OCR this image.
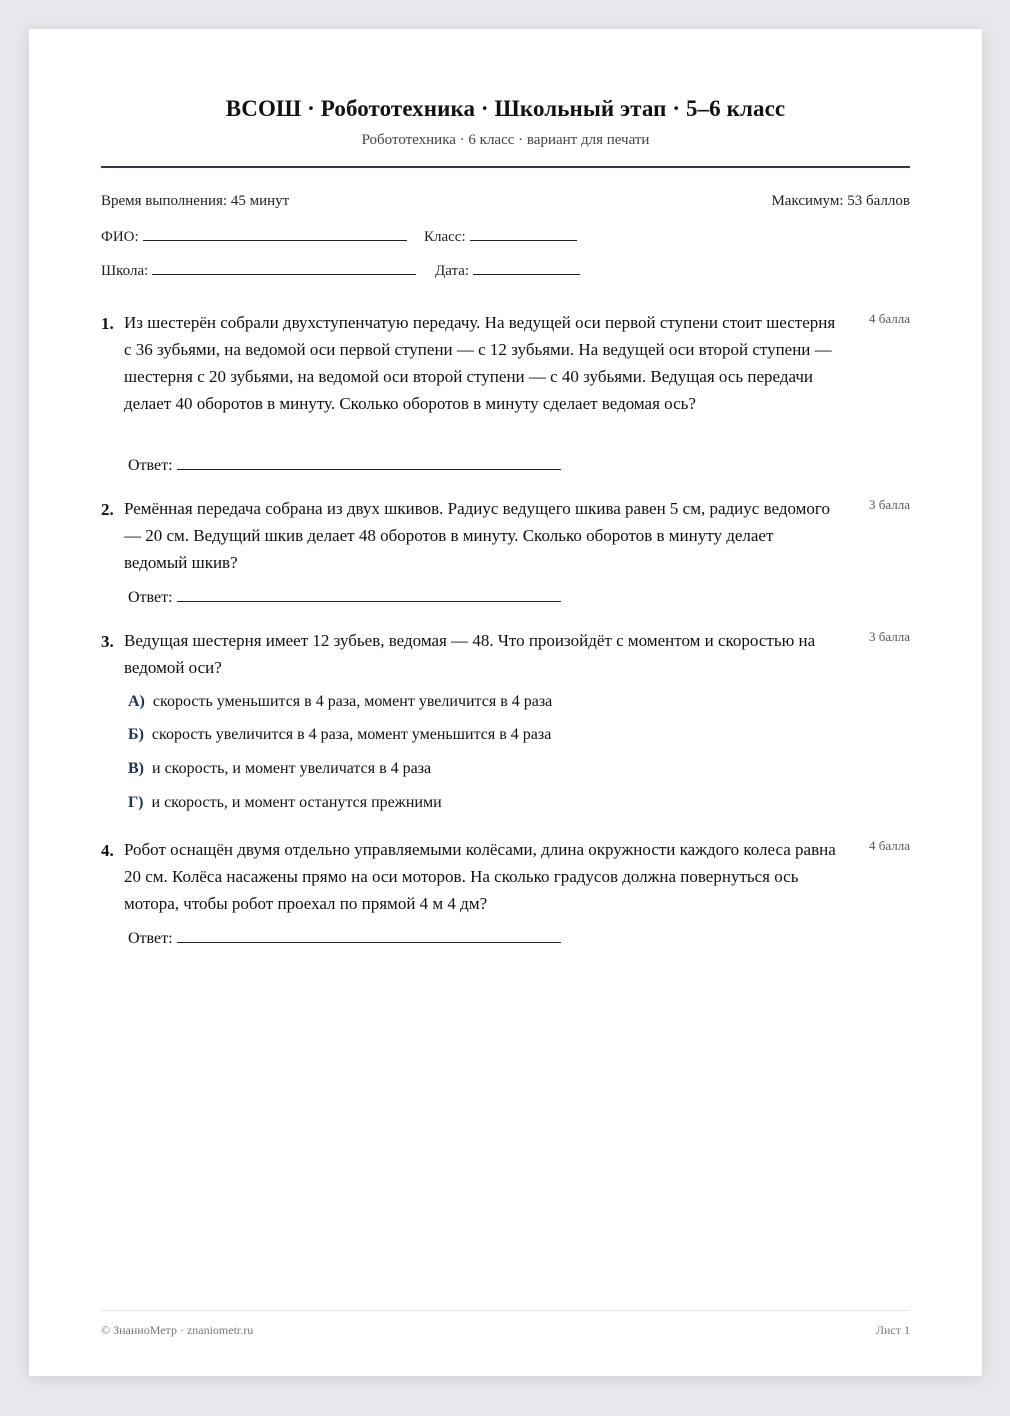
ВСОШ · Робототехника · Школьный этап · 5–6 класс
Робототехника · 6 класс · вариант для печати
Время выполнения: 45 минут	Максимум: 53 баллов
ФИО:	Класс:
Школа:	Дата:
1. Из шестерён собрали двухступенчатую передачу. На ведущей оси первой ступени стоит шестерня с 36 зубьями, на ведомой оси первой ступени — с 12 зубьями. На ведущей оси второй ступени — шестерня с 20 зубьями, на ведомой оси второй ступени — с 40 зубьями. Ведущая ось передачи делает 40 оборотов в минуту. Сколько оборотов в минуту сделает ведомая ось?
4 балла
Ответ:
2. Ремённая передача собрана из двух шкивов. Радиус ведущего шкива равен 5 см, радиус ведомого — 20 см. Ведущий шкив делает 48 оборотов в минуту. Сколько оборотов в минуту делает ведомый шкив?
3 балла
Ответ:
3. Ведущая шестерня имеет 12 зубьев, ведомая — 48. Что произойдёт с моментом и скоростью на ведомой оси?
3 балла
А) скорость уменьшится в 4 раза, момент увеличится в 4 раза
Б) скорость увеличится в 4 раза, момент уменьшится в 4 раза
В) и скорость, и момент увеличатся в 4 раза
Г) и скорость, и момент останутся прежними
4. Робот оснащён двумя отдельно управляемыми колёсами, длина окружности каждого колеса равна 20 см. Колёса насажены прямо на оси моторов. На сколько градусов должна повернуться ось мотора, чтобы робот проехал по прямой 4 м 4 дм?
4 балла
Ответ:
© ЗнаниоМетр · znaniometr.ru	Лист 1
